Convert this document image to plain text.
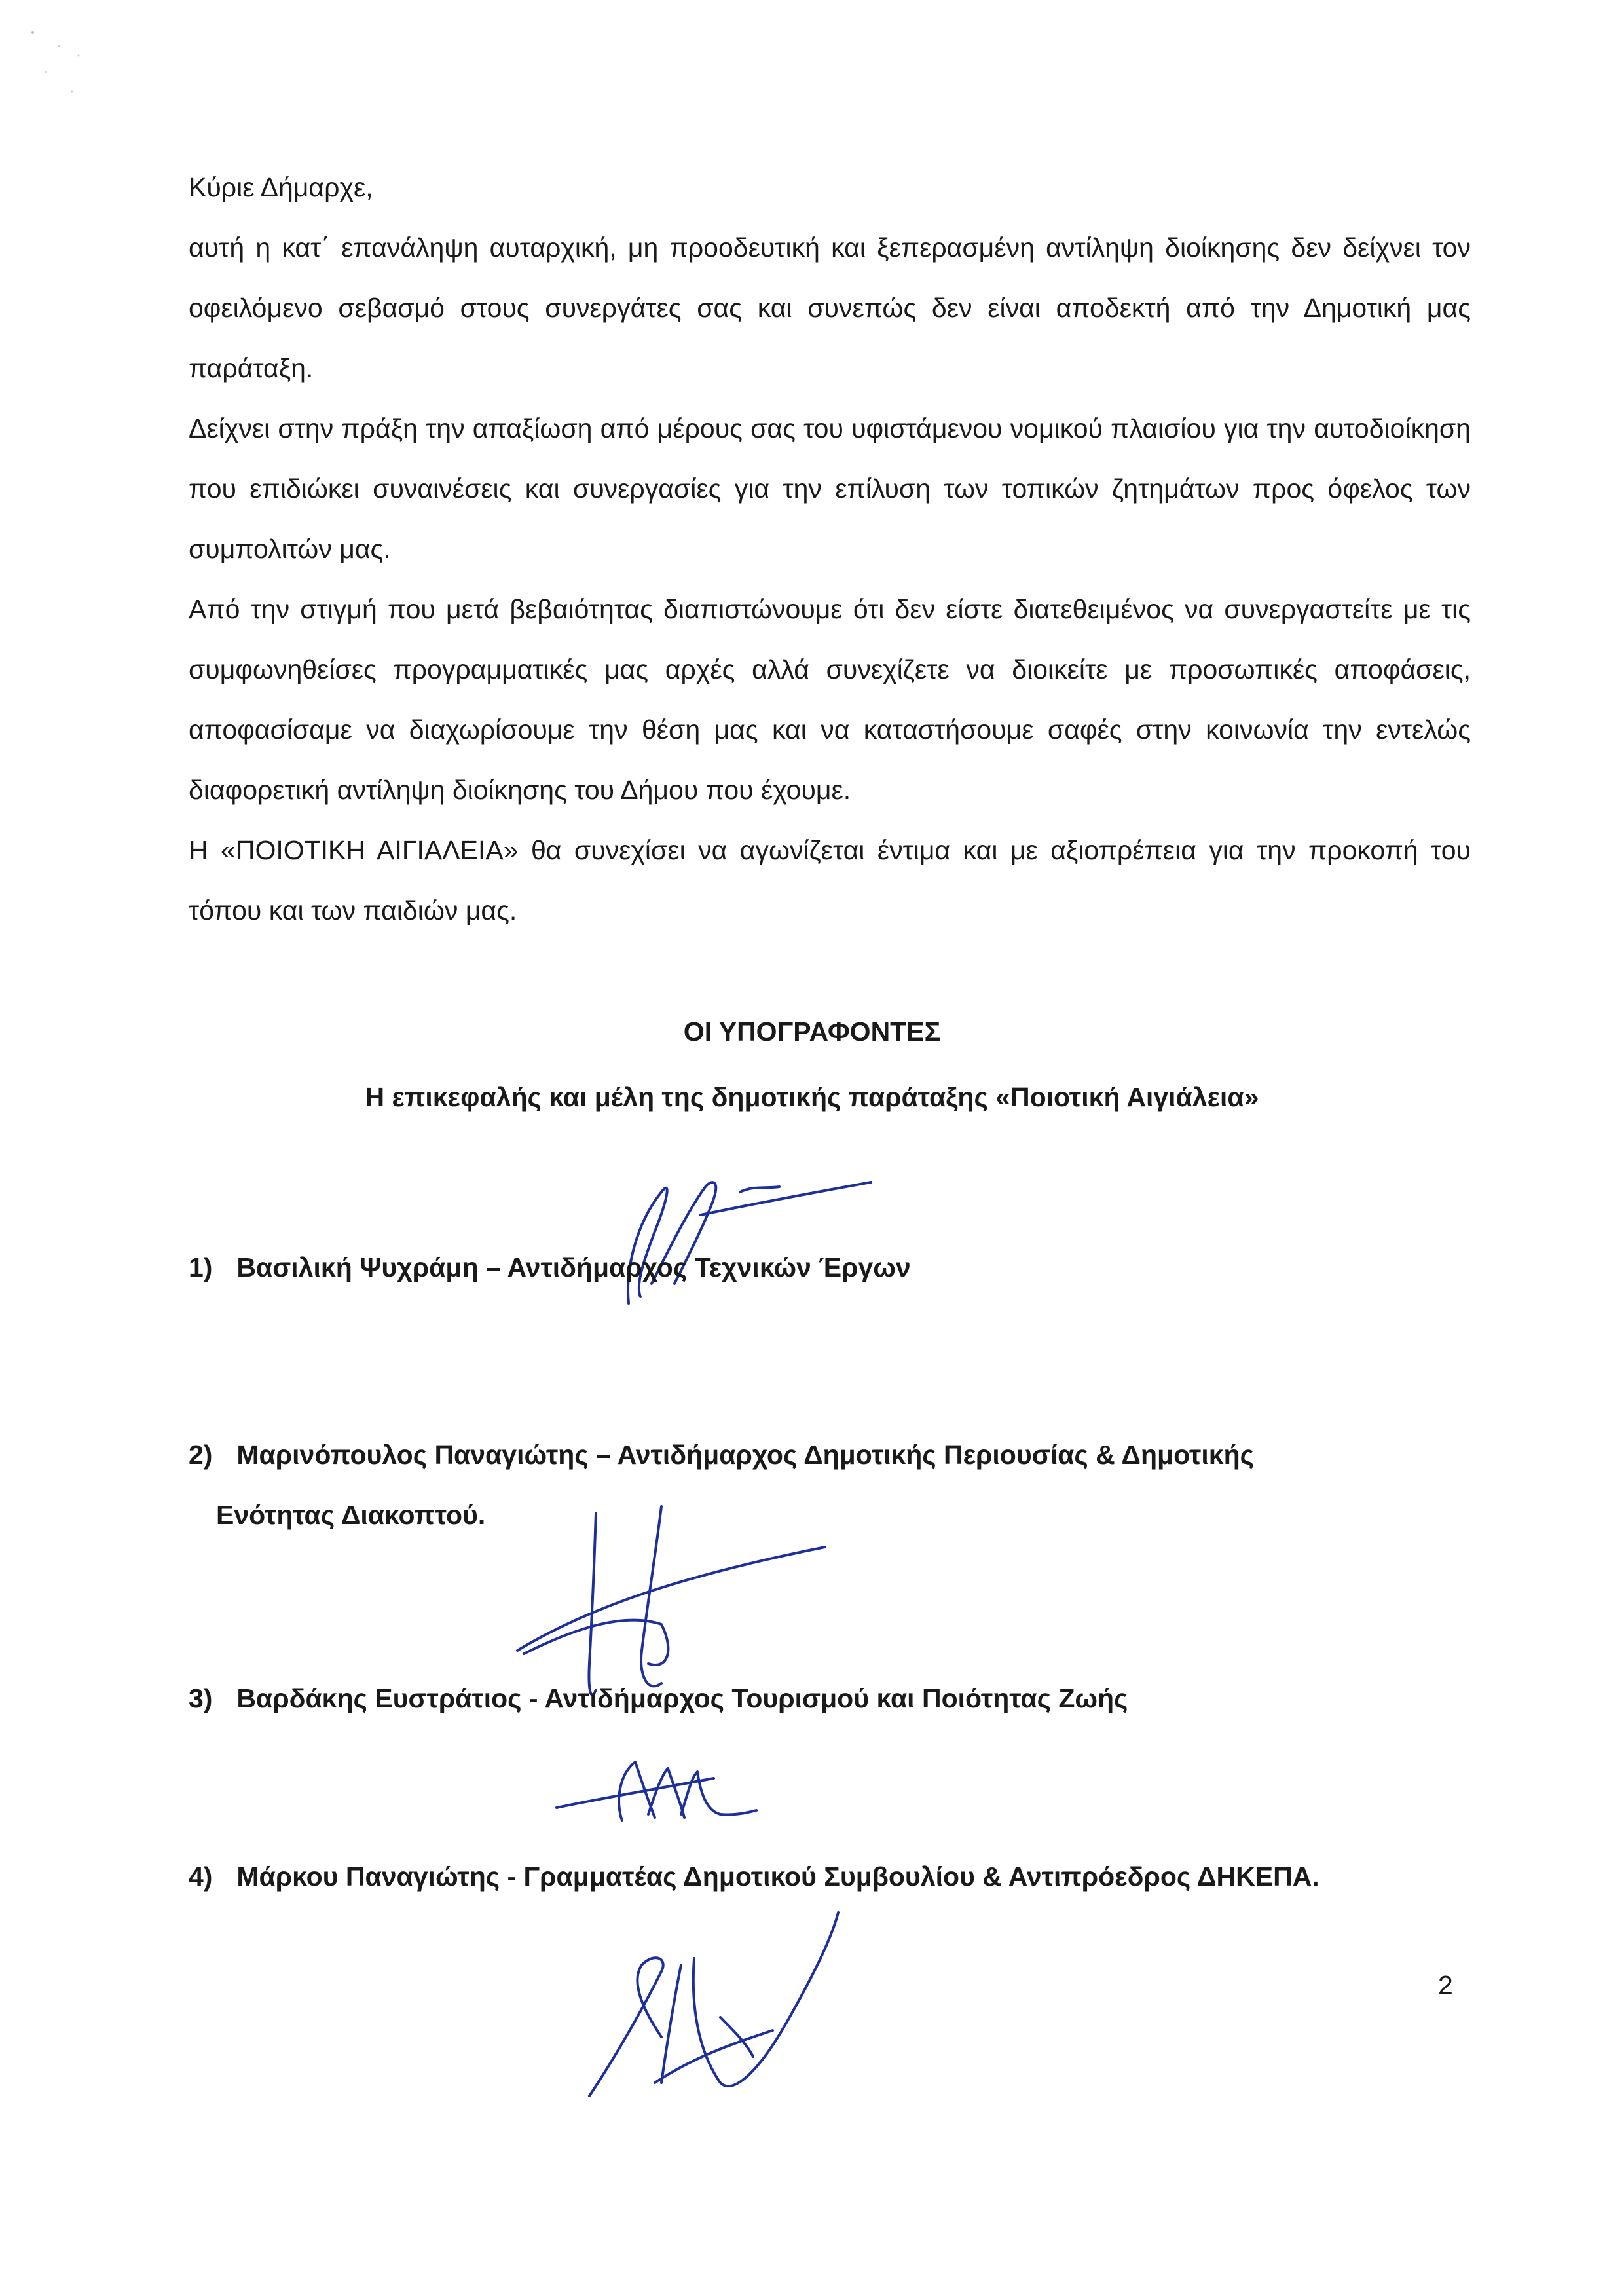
Κύριε Δήμαρχε,

αυτή η κατ΄ επανάληψη αυταρχική, μη προοδευτική και ξεπερασμένη αντίληψη διοίκησης δεν δείχνει τον οφειλόμενο σεβασμό στους συνεργάτες σας και συνεπώς δεν είναι αποδεκτή από την Δημοτική μας παράταξη.

Δείχνει στην πράξη την απαξίωση από μέρους σας του υφιστάμενου νομικού πλαισίου για την αυτοδιοίκηση που επιδιώκει συναινέσεις και συνεργασίες για την επίλυση των τοπικών ζητημάτων προς όφελος των συμπολιτών μας.

Από την στιγμή που μετά βεβαιότητας διαπιστώνουμε ότι δεν είστε διατεθειμένος να συνεργαστείτε με τις συμφωνηθείσες προγραμματικές μας αρχές αλλά συνεχίζετε να διοικείτε με προσωπικές αποφάσεις, αποφασίσαμε να διαχωρίσουμε την θέση μας και να καταστήσουμε σαφές στην κοινωνία την εντελώς διαφορετική αντίληψη διοίκησης του Δήμου που έχουμε.

Η «ΠΟΙΟΤΙΚΗ ΑΙΓΙΑΛΕΙΑ» θα συνεχίσει να αγωνίζεται έντιμα και με αξιοπρέπεια για την προκοπή του τόπου και των παιδιών μας.

ΟΙ ΥΠΟΓΡΑΦΟΝΤΕΣ
Η επικεφαλής και μέλη της δημοτικής παράταξης «Ποιοτική Αιγιάλεια»
1) Βασιλική Ψυχράμη – Αντιδήμαρχος Τεχνικών Έργων
2) Μαρινόπουλος Παναγιώτης – Αντιδήμαρχος Δημοτικής Περιουσίας & Δημοτικής
Ενότητας Διακοπτού.
3) Βαρδάκης Ευστράτιος - Αντιδήμαρχος Τουρισμού και Ποιότητας Ζωής
4) Μάρκου Παναγιώτης - Γραμματέας Δημοτικού Συμβουλίου & Αντιπρόεδρος ΔΗΚΕΠΑ.
2
